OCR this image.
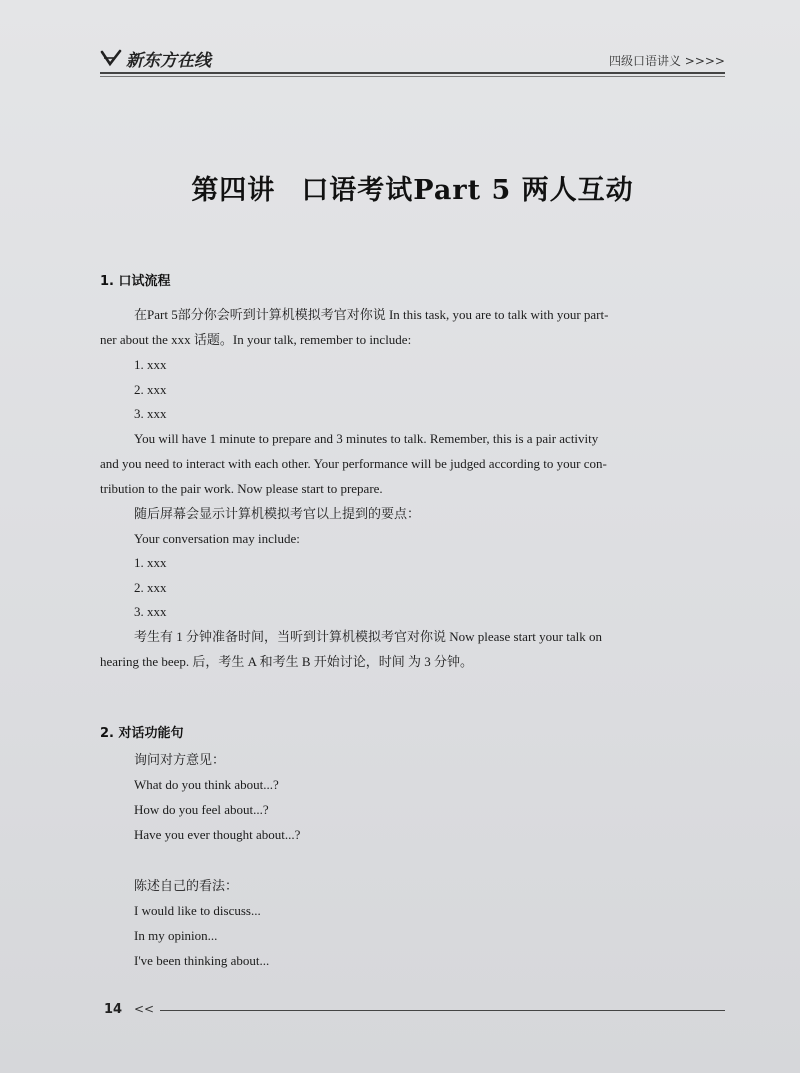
新东方在线	四级口语讲义 >>>>
第四讲 口语考试Part 5 两人互动
1. 口试流程
在Part 5部分你会听到计算机模拟考官对你说 In this task, you are to talk with your part-
ner about the xxx 话题。In your talk, remember to include:
1. xxx
2. xxx
3. xxx
You will have 1 minute to prepare and 3 minutes to talk. Remember, this is a pair activity
and you need to interact with each other. Your performance will be judged according to your con-
tribution to the pair work. Now please start to prepare.
随后屏幕会显示计算机模拟考官以上提到的要点：
Your conversation may include:
1. xxx
2. xxx
3. xxx
考生有 1 分钟准备时间，当听到计算机模拟考官对你说 Now please start your talk on
hearing the beep. 后，考生 A 和考生 B 开始讨论，时间 为 3 分钟。
2. 对话功能句
询问对方意见：
What do you think about...?
How do you feel about...?
Have you ever thought about...?
陈述自己的看法：
I would like to discuss...
In my opinion...
I've been thinking about...
14 <<
